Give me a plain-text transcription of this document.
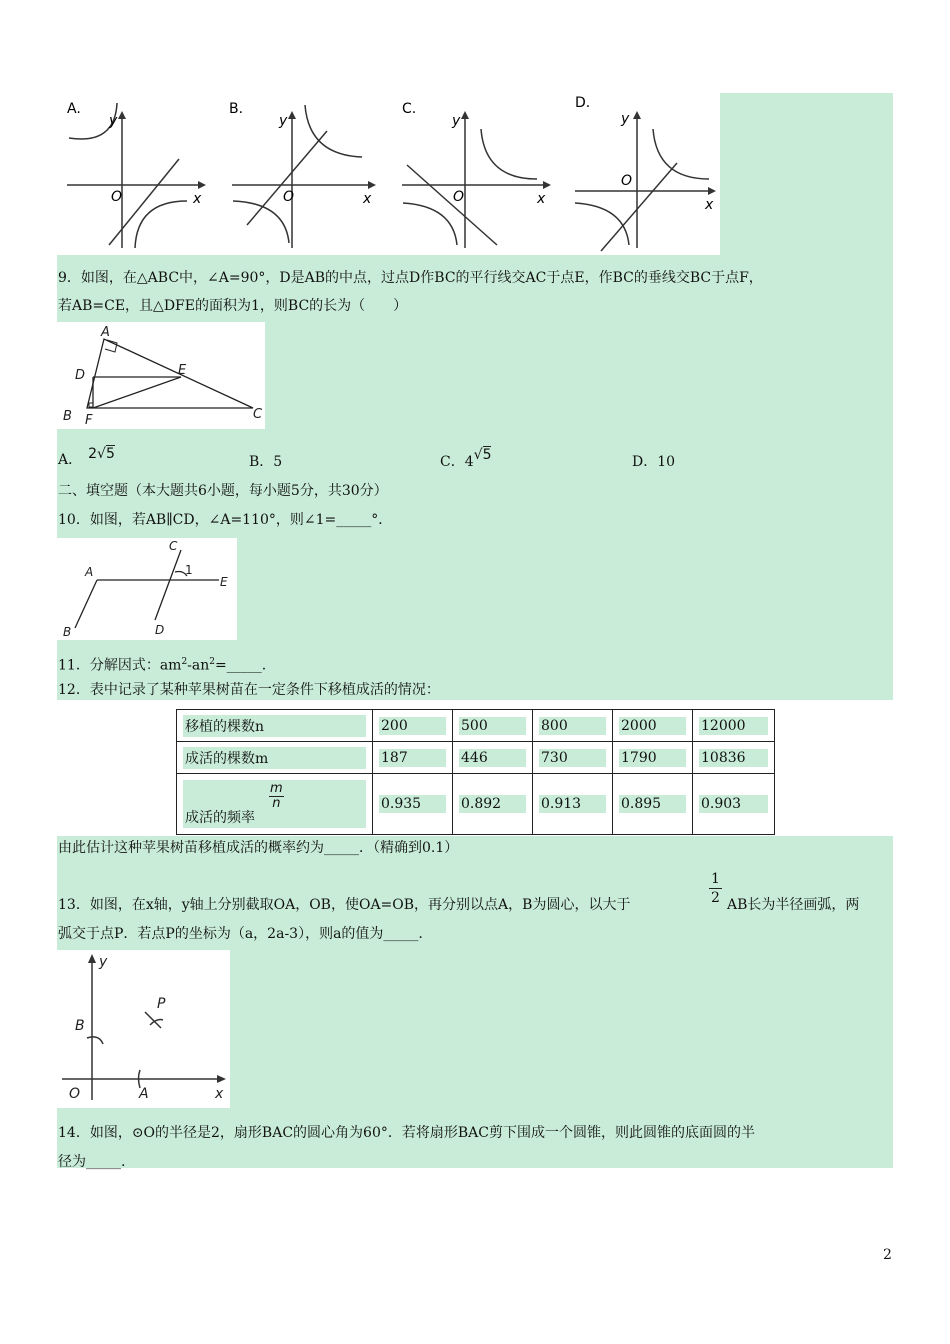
A.	B.	C.	D.
y
x
O
y
x
O
y
x
O
y
x
O
9．如图，在△ABC中，∠A=90°，D是AB的中点，过点D作BC的平行线交AC于点E，作BC的垂线交BC于点F，
若AB=CE，且△DFE的面积为1，则BC的长为（　　）
A
D	E
B F	C
A． 2√5	B．5	C．4√5	D．10
二、填空题（本大题共6小题，每小题5分，共30分）
10．如图，若AB∥CD，∠A=110°，则∠1=_____°．
A
B
C
D
E
1
11．分解因式：$am^2-an^2=\_\_\_\_\_$.
12．表中记录了某种苹果树苗在一定条件下移植成活的情况：
移植的棵数n	200	500	800	2000	12000

成活的棵数m	187	446	730	1790	10836

$\frac{m}{n}$
成活的频率	0.935	0.892	0.913	0.895	0.903
由此估计这种苹果树苗移植成活的概率约为_____．（精确到0.1）
13．如图，在x轴，y轴上分别截取OA，OB，使OA=OB，再分别以点A，B为圆心，以大于
1
2 AB长为半径画弧，两
弧交于点P．若点P的坐标为（a，2a-3），则a的值为_____.
y
x
O	A
B
P
14．如图，⊙O的半径是2，扇形BAC的圆心角为60°．若将扇形BAC剪下围成一个圆锥，则此圆锥的底面圆的半
径为_____.
2
